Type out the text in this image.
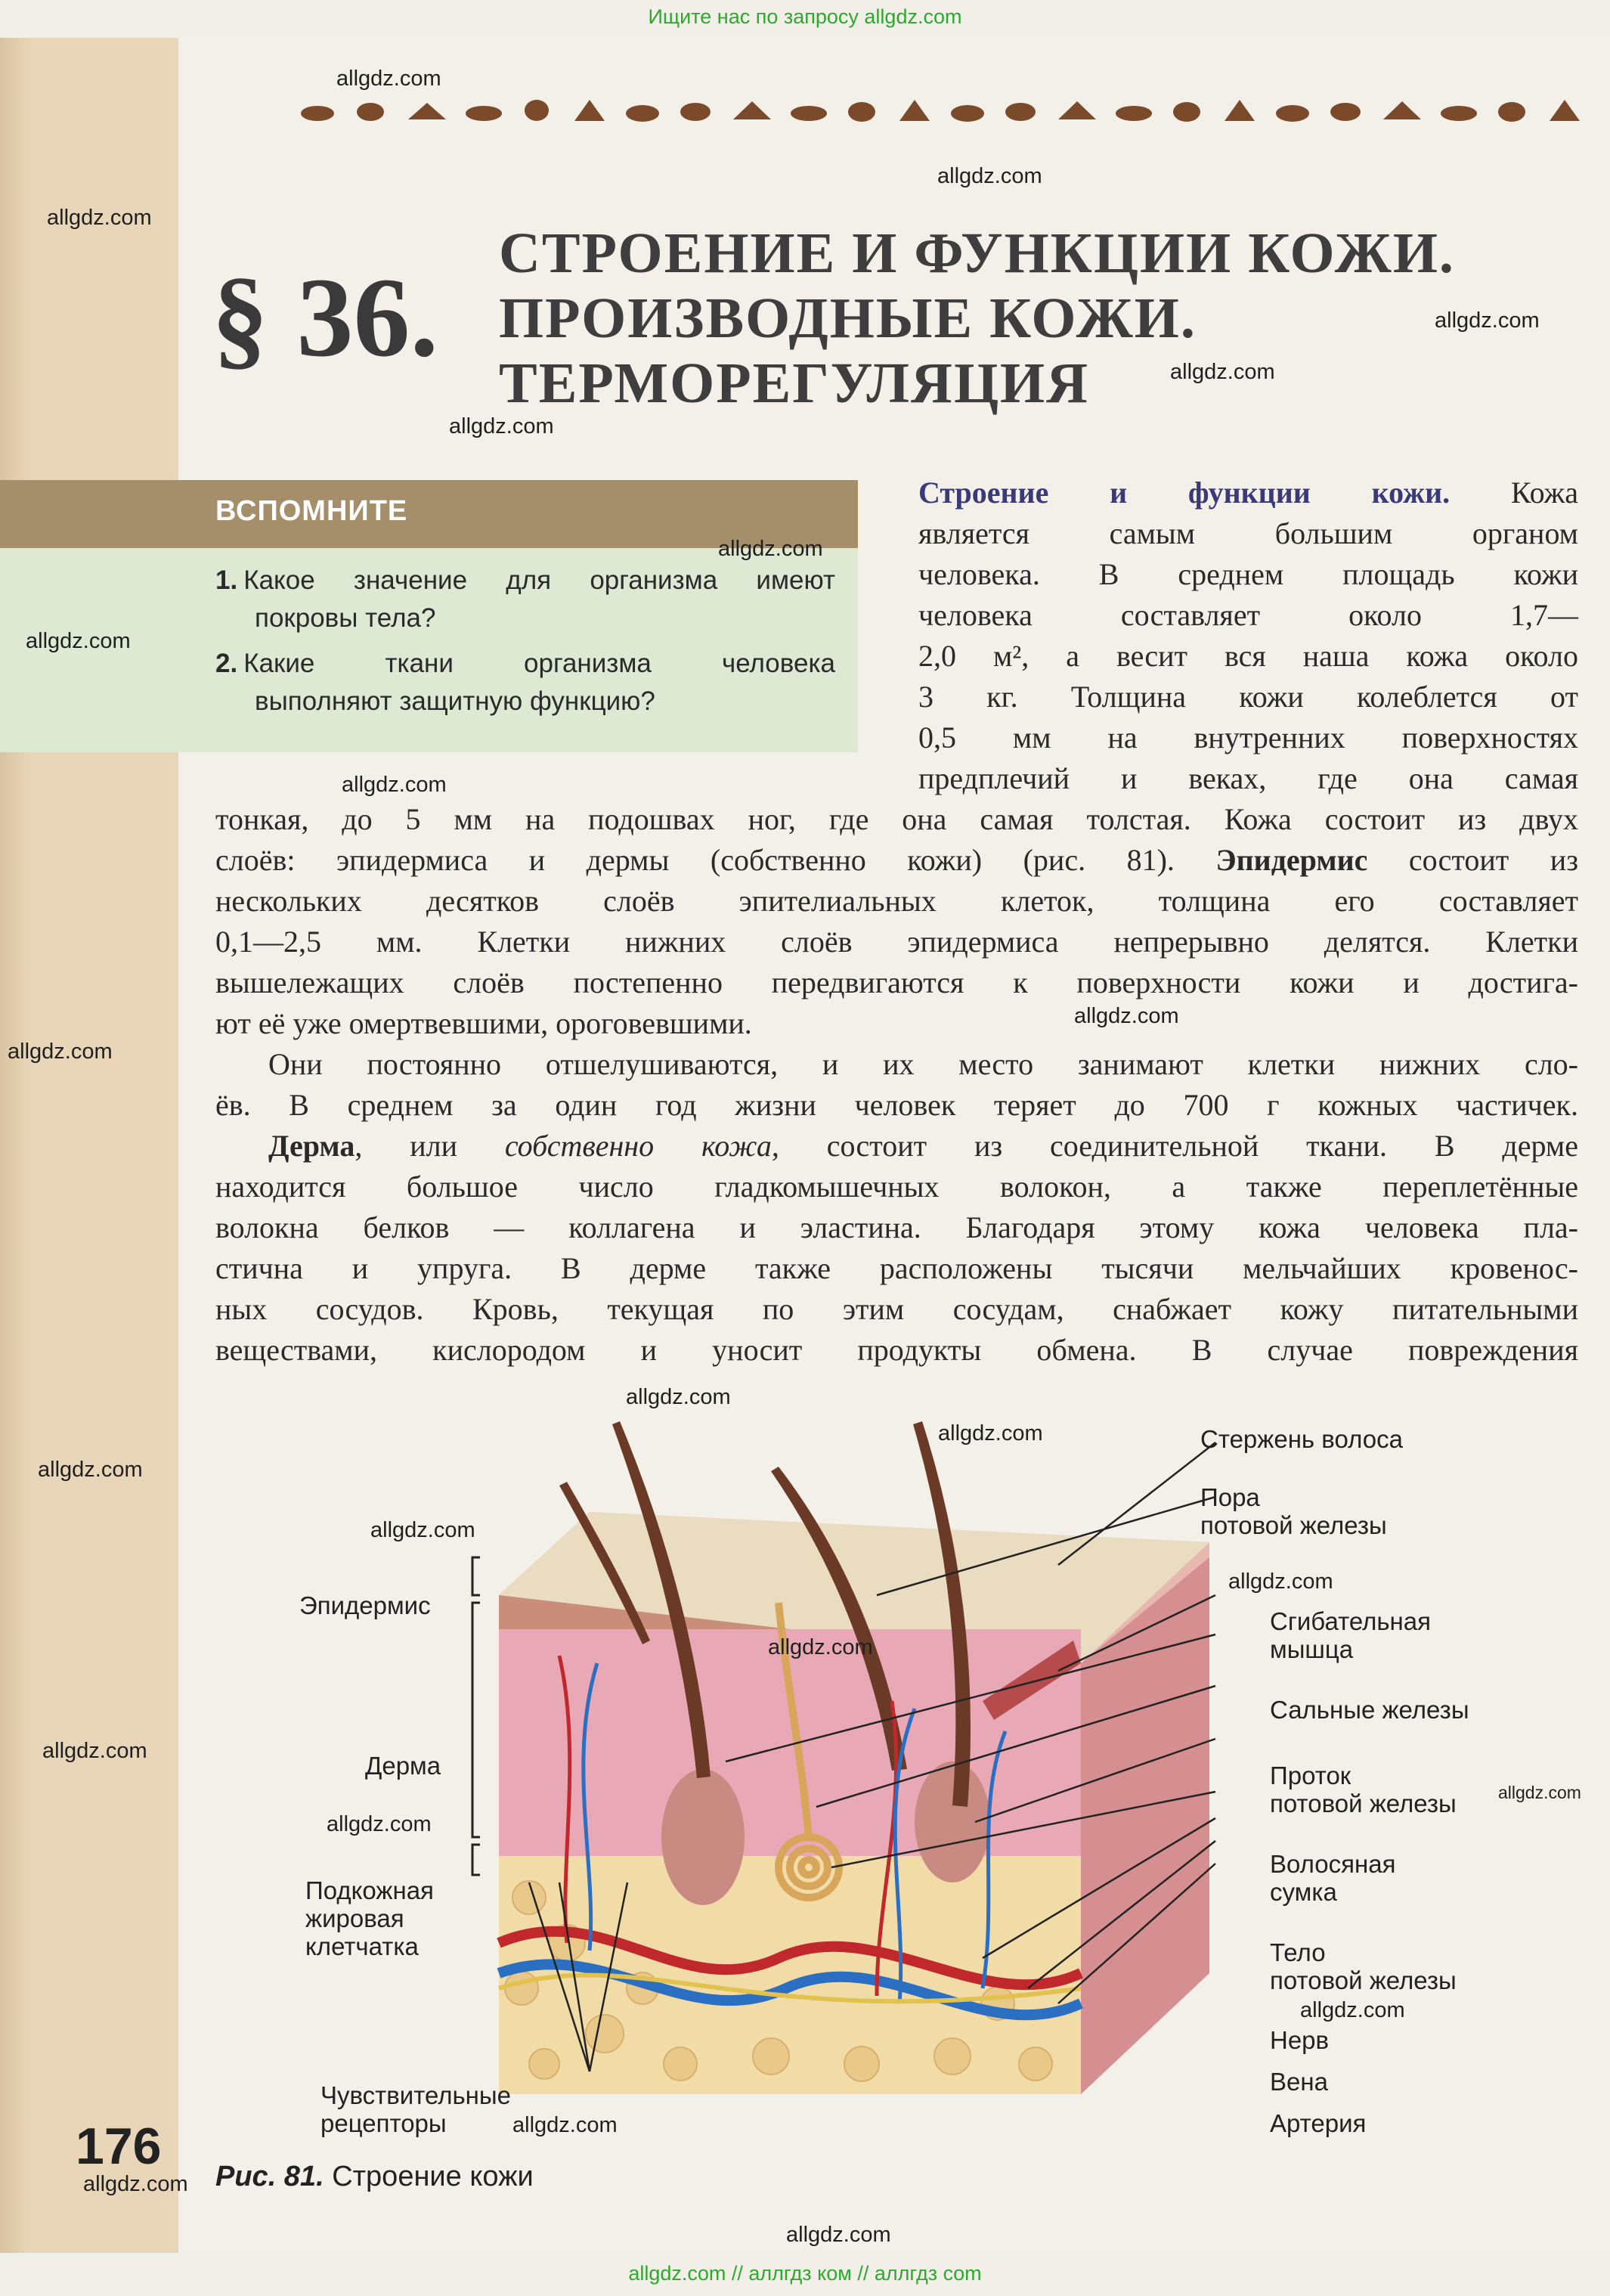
Ищите нас по запросу allgdz.com
§ 36.
СТРОЕНИЕ И ФУНКЦИИ КОЖИ.
ПРОИЗВОДНЫЕ КОЖИ.
ТЕРМОРЕГУЛЯЦИЯ
ВСПОМНИТЕ
1. Какое значение для организма имеют
покровы тела?
2. Какие ткани организма человека
выполняют защитную функцию?
Строение и функции кожи. Кожа
является самым большим органом
человека. В среднем площадь кожи
человека составляет около 1,7—
2,0 м², а весит вся наша кожа около
3 кг. Толщина кожи колеблется от
0,5 мм на внутренних поверхностях
предплечий и веках, где она самая
тонкая, до 5 мм на подошвах ног, где она самая толстая. Кожа состоит из двух
слоёв: эпидермиса и дермы (собственно кожи) (рис. 81). Эпидермис состоит из
нескольких десятков слоёв эпителиальных клеток, толщина его составляет
0,1—2,5 мм. Клетки нижних слоёв эпидермиса непрерывно делятся. Клетки
вышележащих слоёв постепенно передвигаются к поверхности кожи и достига-
ют её уже омертвевшими, ороговевшими.
Они постоянно отшелушиваются, и их место занимают клетки нижних сло-
ёв. В среднем за один год жизни человек теряет до 700 г кожных частичек.
Дерма, или собственно кожа, состоит из соединительной ткани. В дерме
находится большое число гладкомышечных волокон, а также переплетённые
волокна белков — коллагена и эластина. Благодаря этому кожа человека пла-
стична и упруга. В дерме также расположены тысячи мельчайших кровенос-
ных сосудов. Кровь, текущая по этим сосудам, снабжает кожу питательными
веществами, кислородом и уносит продукты обмена. В случае повреждения
Эпидермис
Дерма
Подкожная
жировая
клетчатка
Чувствительные
рецепторы
Стержень волоса
Пора
потовой железы
Сгибательная
мышца
Сальные железы
Проток
потовой железы
Волосяная
сумка
Тело
потовой железы
Нерв
Вена
Артерия
176
Рис. 81. Строение кожи
allgdz.com
allgdz.com
allgdz.com
allgdz.com
allgdz.com
allgdz.com
allgdz.com
allgdz.com
allgdz.com
allgdz.com
allgdz.com
allgdz.com
allgdz.com
allgdz.com
allgdz.com
allgdz.com
allgdz.com
allgdz.com
allgdz.com
allgdz.com
allgdz.com
allgdz.com
allgdz.com
allgdz.com
allgdz.com // аллгдз ком // аллгдз com
